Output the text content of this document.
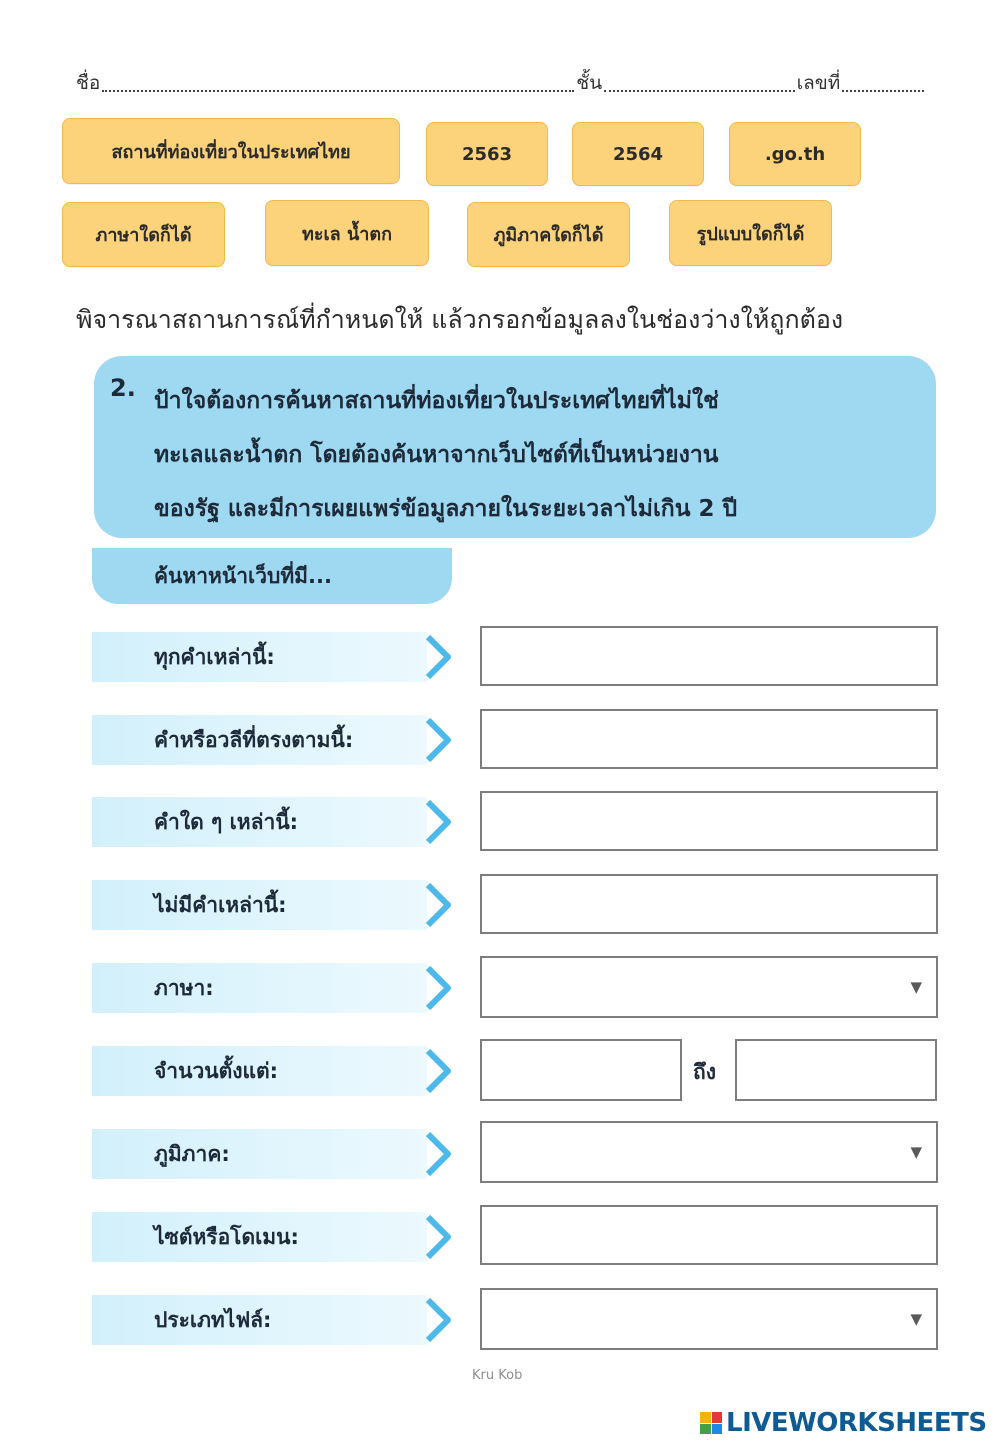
ชื่อ	ชั้น	เลขที่
สถานที่ท่องเที่ยวในประเทศไทย	2563	2564	.go.th
ภาษาใดก็ได้	ทะเล น้ำตก	ภูมิภาคใดก็ได้	รูปแบบใดก็ได้
พิจารณาสถานการณ์ที่กำหนดให้ แล้วกรอกข้อมูลลงในช่องว่างให้ถูกต้อง
2. ป้าใจต้องการค้นหาสถานที่ท่องเที่ยวในประเทศไทยที่ไม่ใช่
ทะเลและน้ำตก โดยต้องค้นหาจากเว็บไซต์ที่เป็นหน่วยงาน
ของรัฐ และมีการเผยแพร่ข้อมูลภายในระยะเวลาไม่เกิน 2 ปี
ค้นหาหน้าเว็บที่มี...
ทุกคำเหล่านี้:
คำหรือวลีที่ตรงตามนี้:
คำใด ๆ เหล่านี้:
ไม่มีคำเหล่านี้:
ภาษา:	▼
จำนวนตั้งแต่:	ถึง
ภูมิภาค:	▼
ไซต์หรือโดเมน:
ประเภทไฟล์:	▼
Kru Kob
LIVEWORKSHEETS
